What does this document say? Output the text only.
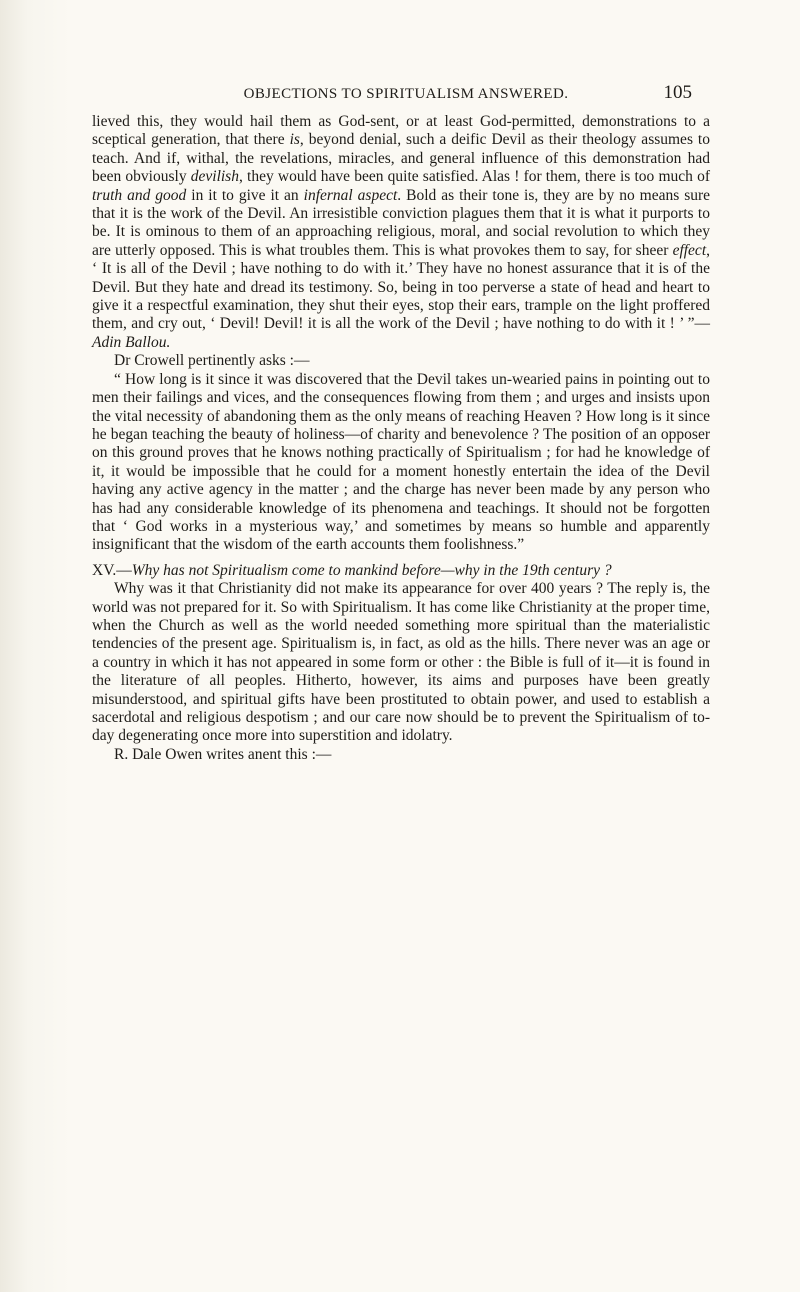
OBJECTIONS TO SPIRITUALISM ANSWERED.	105

lieved this, they would hail them as God-sent, or at least God-permitted, demonstrations to a sceptical generation, that there is, beyond denial, such a deific Devil as their theology assumes to teach. And if, withal, the revelations, miracles, and general influence of this demonstration had been obviously devilish, they would have been quite satisfied. Alas ! for them, there is too much of truth and good in it to give it an infernal aspect. Bold as their tone is, they are by no means sure that it is the work of the Devil. An irresistible conviction plagues them that it is what it purports to be. It is ominous to them of an approaching religious, moral, and social revolution to which they are utterly opposed. This is what troubles them. This is what provokes them to say, for sheer effect, ‘ It is all of the Devil ; have nothing to do with it.’ They have no honest assurance that it is of the Devil. But they hate and dread its testimony. So, being in too perverse a state of head and heart to give it a respectful examination, they shut their eyes, stop their ears, trample on the light proffered them, and cry out, ‘ Devil! Devil! it is all the work of the Devil ; have nothing to do with it ! ’ ”—Adin Ballou.

Dr Crowell pertinently asks :—

“ How long is it since it was discovered that the Devil takes un-wearied pains in pointing out to men their failings and vices, and the consequences flowing from them ; and urges and insists upon the vital necessity of abandoning them as the only means of reaching Heaven ? How long is it since he began teaching the beauty of holiness—of charity and benevolence ? The position of an opposer on this ground proves that he knows nothing practically of Spiritualism ; for had he knowledge of it, it would be impossible that he could for a moment honestly entertain the idea of the Devil having any active agency in the matter ; and the charge has never been made by any person who has had any considerable knowledge of its phenomena and teachings. It should not be forgotten that ‘ God works in a mysterious way,’ and sometimes by means so humble and apparently insignificant that the wisdom of the earth accounts them foolishness.”

XV.—Why has not Spiritualism come to mankind before—why in the 19th century ?

Why was it that Christianity did not make its appearance for over 400 years ? The reply is, the world was not prepared for it. So with Spiritualism. It has come like Christianity at the proper time, when the Church as well as the world needed something more spiritual than the materialistic tendencies of the present age. Spiritualism is, in fact, as old as the hills. There never was an age or a country in which it has not appeared in some form or other : the Bible is full of it—it is found in the literature of all peoples. Hitherto, however, its aims and purposes have been greatly misunderstood, and spiritual gifts have been prostituted to obtain power, and used to establish a sacerdotal and religious despotism ; and our care now should be to prevent the Spiritualism of to-day degenerating once more into superstition and idolatry.

R. Dale Owen writes anent this :—
